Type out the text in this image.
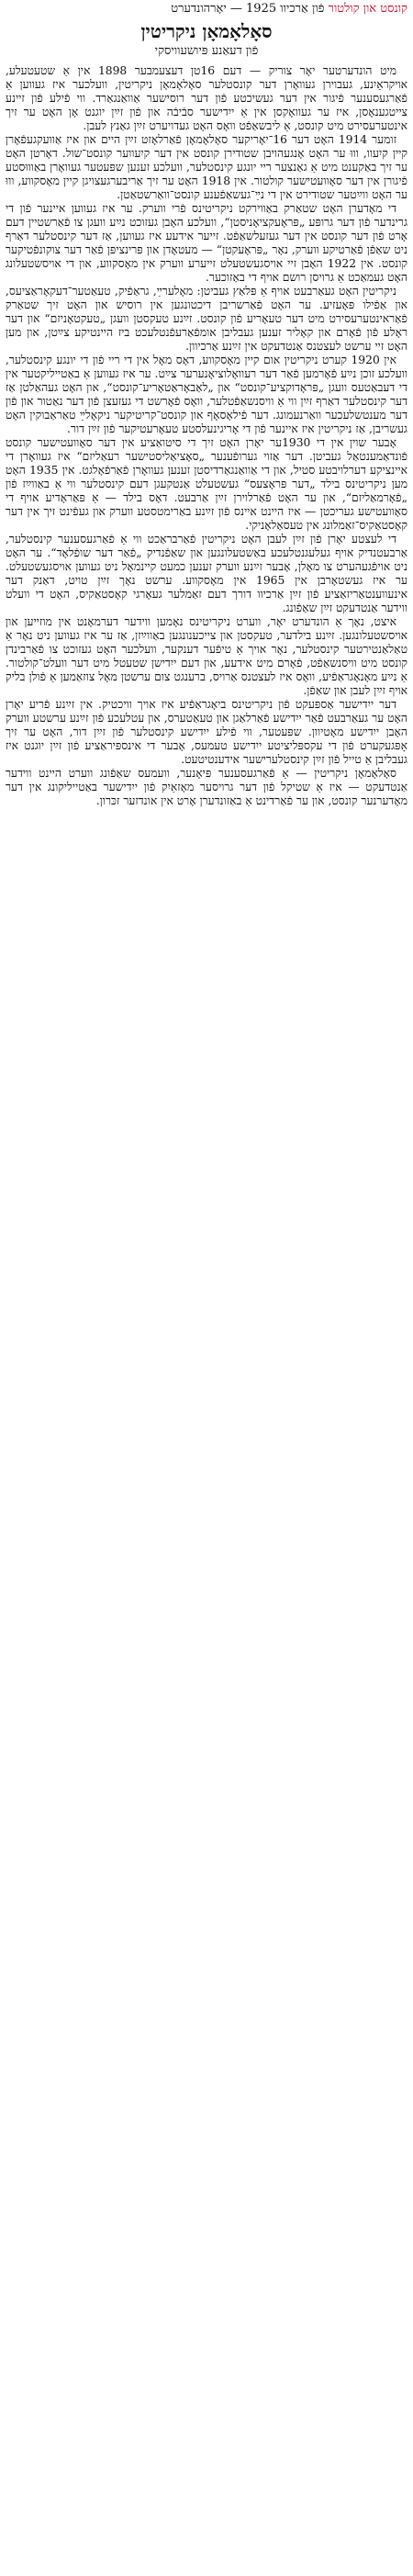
קונסט און קולטור פֿון אַרכיוו 1925 — יאָרהונדערט
סאָלאָמאָן ניקריטין
פֿון דעאַנע פּיושעוויסקי

מיט הונדערטער יאָר צוריק — דעם 16טן דעצעמבער 1898 אין אַ שטעטעלע, אויקראַיִנע, געבוירן געוואָרן דער קונסטלער סאָלאָמאָן ניקריטין, וועלכער איז געווען אַ פֿאַרגעסענער פֿיגור אין דער געשיכטע פֿון דער רוסישער אַוואַנגאַרד. ווי פֿילע פֿון זיינע צייטגענאָסן, איז ער געוואָקסן אין אַ ייִדישער סבֿיבֿה און פֿון זײַן יוגנט אָן האָט ער זיך אינטערעסירט מיט קונסט, אַ ליבשאַפֿט וואָס האָט געדויערט זײַן גאַנץ לעבן.

זומער 1914 האָט דער 16־יאָריקער סאָלאָמאָן פֿאַרלאָזט זײַן היים און איז אַוועקגעפֿאָרן קיין קיִעוו, וווּ ער האָט אָנגעהויבן שטודירן קונסט אין דער קיִעווער קונסט־שול. דאָרטן האָט ער זיך באַקענט מיט אַ גאַנצער ריי יונגע קינסטלער, וועלכע זענען שפּעטער געוואָרן באַוווּסטע פֿיגורן אין דער סאָוועטישער קולטור. אין 1918 האָט ער זיך אַריבערגעצויגן קיין מאָסקווע, וווּ ער האָט ווײַטער שטודירט אין די נײַ־געשאַפֿענע קונסט־וואַרשטאַטן.

די מאָדערן האָט שטאַרק באַווירקט ניקריטינס פֿרי ווערק. ער איז געווען איינער פֿון די גרינדער פֿון דער גרופּע „פּראָעקציאָניסטן“, וועלכע האָבן געזוכט נײַע וועגן צו פֿאַרשטיין דעם אָרט פֿון דער קונסט אין דער געזעלשאַפֿט. זייער אידעע איז געווען, אַז דער קינסטלער דאַרף ניט שאַפֿן פֿאַרטיקע ווערק, נאָר „פּראָעקטן“ — מעטאָדן און פּרינציפּן פֿאַר דער צוקונפֿטיקער קונסט. אין 1922 האָבן זיי אויסגעשטעלט זייערע ווערק אין מאָסקווע, און די אויסשטעלונג האָט געמאַכט אַ גרויסן רושם אויף די באַזוכער.

ניקריטין האָט געאַרבעט אויף אַ פּלאַץ געביטן: מאָלערײַ, גראַפֿיק, טעאַטער־דעקאָראַציעס, און אַפֿילו פּאָעזיע. ער האָט פֿאַרשריבן דיכטונגען אין רוסיש און האָט זיך שטאַרק פֿאַראינטערעסירט מיט דער טעאָריע פֿון קונסט. זײַנע טעקסטן וועגן „טעקטאָניזם“ און דער ראָלע פֿון פֿאָרם און קאָליר זענען געבליבן אומפֿאַרעפֿנטלעכט ביז היינטיקע צײַטן, און מען האָט זיי ערשט לעצטנס אַנטדעקט אין זײַנע אַרכיוון.

אין 1920 קערט ניקריטין אום קיין מאָסקווע, דאָס מאָל אין די ריי פֿון די יונגע קינסטלער, וועלכע זוכן נײַע פֿאָרמען פֿאַר דער רעוואָלוציאָנערער צײַט. ער איז געווען אַ באַטייליקטער אין די דעבאַטעס וועגן „פּראָדוקציע־קונסט“ און „לאַבאָראַטאָריע־קונסט“, און האָט געהאַלטן אַז דער קינסטלער דאַרף זײַן ווי אַ וויסנשאַפֿטלער, וואָס פֿאָרשט די געזעצן פֿון דער נאַטור און פֿון דער מענטשלעכער וואַרנעמונג. דער פֿילאָסאָף און קונסט־קריטיקער ניקאָלײַ טאַראַבוקין האָט געשריבן, אַז ניקריטין איז איינער פֿון די אָריגינעלסטע טעאָרעטיקער פֿון זײַן דור.

אָבער שוין אין די 1930ער יאָרן האָט זיך די סיטואַציע אין דער סאָוועטישער קונסט פֿונדאַמענטאַל געביטן. דער אַזוי גערופֿענער „סאָציאַליסטישער רעאַליזם“ איז געוואָרן די איינציקע דערלויבטע סטיל, און די אַוואַנגאַרדיסטן זענען געוואָרן פֿאַרפֿאָלגט. אין 1935 האָט מען ניקריטינס בילד „דער פּראָצעס“ געשטעלט אַנטקעגן דעם קינסטלער ווי אַ באַווײַז פֿון „פֿאָרמאַליזם“, און ער האָט פֿאַרלוירן זײַן אַרבעט. דאָס בילד — אַ פּאַראָדיע אויף די סאָוועטישע געריכטן — איז היינט איינס פֿון זײַנע באַרימטסטע ווערק און געפֿינט זיך אין דער קאָסטאַקיס־זאַמלונג אין טעסאַלאָניקי.

די לעצטע יאָרן פֿון זײַן לעבן האָט ניקריטין פֿאַרבראַכט ווי אַ פֿאַרגעסענער קינסטלער, אַרבעטנדיק אויף געלעגנטלעכע באַשטעלונגען און שאַפֿנדיק „פֿאַר דער שופֿלאָד“. ער האָט ניט אויפֿגעהערט צו מאָלן, אָבער זײַנע ווערק זענען כמעט קיינמאָל ניט געווען אויסגעשטעלט. ער איז געשטאָרבן אין 1965 אין מאָסקווע. ערשט נאָך זײַן טויט, דאַנק דער אינעווענטאַריזאַציע פֿון זײַן אַרכיוו דורך דעם זאַמלער געאָרגי קאָסטאַקיס, האָט די וועלט ווידער אַנטדעקט זײַן שאַפֿונג.

איצט, נאָך אַ הונדערט יאָר, ווערט ניקריטינס נאָמען ווידער דערמאָנט אין מוזייען און אויסשטעלונגען. זײַנע בילדער, טעקסטן און צייכענונגען באַווײַזן, אַז ער איז געווען ניט נאָר אַ טאַלאַנטירטער קינסטלער, נאָר אויך אַ טיפֿער דענקער, וועלכער האָט געזוכט צו פֿאַרבינדן קונסט מיט וויסנשאַפֿט, פֿאָרם מיט אידעע, און דעם ייִדישן שטעטל מיט דער וועלט־קולטור. אַ נײַע מאָנאָגראַפֿיע, וואָס איז לעצטנס אַרויס, ברענגט צום ערשטן מאָל צוזאַמען אַ פֿולן בליק אויף זײַן לעבן און שאַפֿן.

דער ייִדישער אַספּעקט פֿון ניקריטינס ביאָגראַפֿיע איז אויך וויכטיק. אין זײַנע פֿריע יאָרן האָט ער געאַרבעט פֿאַר ייִדישע פֿאַרלאַגן און טעאַטערס, און עטלעכע פֿון זײַנע ערשטע ווערק האָבן ייִדישע מאָטיוון. שפּעטער, ווי פֿילע ייִדישע קינסטלער פֿון זײַן דור, האָט ער זיך אָפּגעקערט פֿון די עקספּליציטע ייִדישע טעמעס, אָבער די אינספּיראַציע פֿון זײַן יוגנט איז געבליבן אַ טייל פֿון זײַן קינסטלערישער אידענטיטעט.

סאָלאָמאָן ניקריטין — אַ פֿאַרגעסענער פּיאָנער, וועמעס שאַפֿונג ווערט היינט ווידער אַנטדעקט — איז אַ שטיקל פֿון דער גרויסער מאָזאַיִק פֿון ייִדישער באַטייליקונג אין דער מאָדערנער קונסט, און ער פֿאַרדינט אַ באַזונדערן אָרט אין אונדזער זכּרון.
